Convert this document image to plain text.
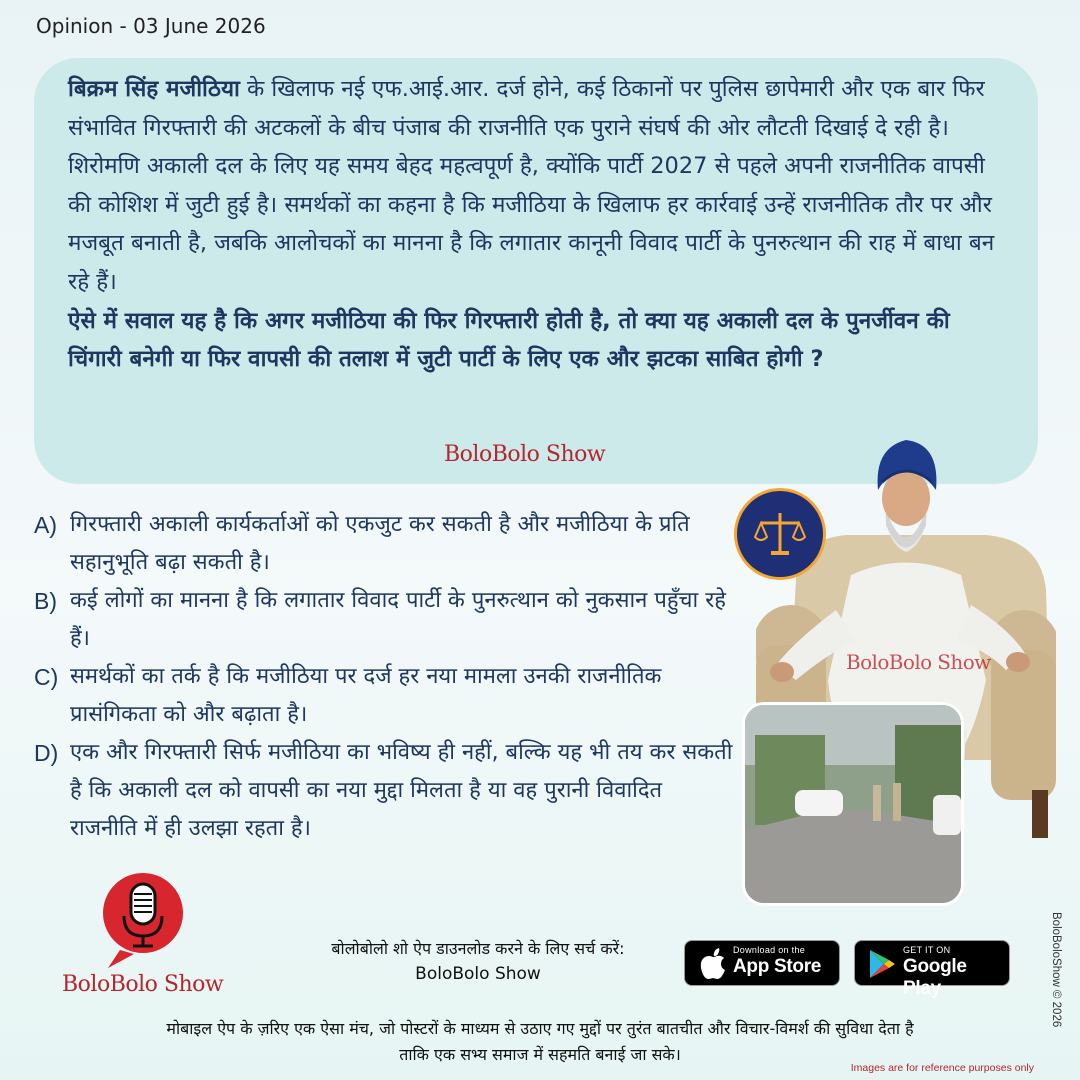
Opinion - 03 June 2026

बिक्रम सिंह मजीठिया के खिलाफ नई एफ.आई.आर. दर्ज होने, कई ठिकानों पर पुलिस छापेमारी और एक बार फिर संभावित गिरफ्तारी की अटकलों के बीच पंजाब की राजनीति एक पुराने संघर्ष की ओर लौटती दिखाई दे रही है। शिरोमणि अकाली दल के लिए यह समय बेहद महत्वपूर्ण है, क्योंकि पार्टी 2027 से पहले अपनी राजनीतिक वापसी की कोशिश में जुटी हुई है। समर्थकों का कहना है कि मजीठिया के खिलाफ हर कार्रवाई उन्हें राजनीतिक तौर पर और मजबूत बनाती है, जबकि आलोचकों का मानना है कि लगातार कानूनी विवाद पार्टी के पुनरुत्थान की राह में बाधा बन रहे हैं।

ऐसे में सवाल यह है कि अगर मजीठिया की फिर गिरफ्तारी होती है, तो क्या यह अकाली दल के पुनर्जीवन की चिंगारी बनेगी या फिर वापसी की तलाश में जुटी पार्टी के लिए एक और झटका साबित होगी ?

BoloBolo Show
A) गिरफ्तारी अकाली कार्यकर्ताओं को एकजुट कर सकती है और मजीठिया के प्रति सहानुभूति बढ़ा सकती है।
B) कई लोगों का मानना है कि लगातार विवाद पार्टी के पुनरुत्थान को नुकसान पहुँचा रहे हैं।
C) समर्थकों का तर्क है कि मजीठिया पर दर्ज हर नया मामला उनकी राजनीतिक प्रासंगिकता को और बढ़ाता है।
D) एक और गिरफ्तारी सिर्फ मजीठिया का भविष्य ही नहीं, बल्कि यह भी तय कर सकती है कि अकाली दल को वापसी का नया मुद्दा मिलता है या वह पुरानी विवादित राजनीति में ही उलझा रहता है।
BoloBolo Show
BoloBolo Show
बोलोबोलो शो ऐप डाउनलोड करने के लिए सर्च करें:
BoloBolo Show
Download on the
App Store
GET IT ON
Google Play
मोबाइल ऐप के ज़रिए एक ऐसा मंच, जो पोस्टरों के माध्यम से उठाए गए मुद्दों पर तुरंत बातचीत और विचार-विमर्श की सुविधा देता है
ताकि एक सभ्य समाज में सहमति बनाई जा सके।
Images are for reference purposes only
BoloBoloShow © 2026
